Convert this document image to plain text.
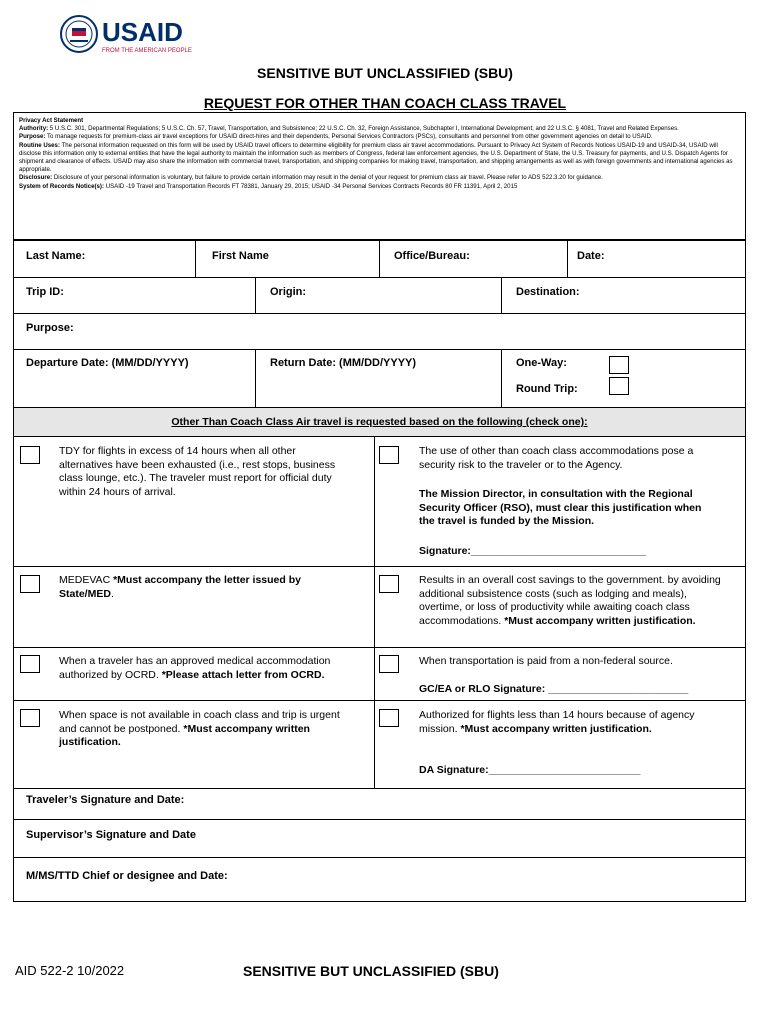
USAID
FROM THE AMERICAN PEOPLE
SENSITIVE BUT UNCLASSIFIED (SBU)
REQUEST FOR OTHER THAN COACH CLASS TRAVEL

Privacy Act Statement

Authority: 5 U.S.C. 301, Departmental Regulations; 5 U.S.C. Ch. 57, Travel, Transportation, and Subsistence; 22 U.S.C. Ch. 32, Foreign Assistance, Subchapter I, International Development; and 22 U.S.C. § 4081, Travel and Related Expenses.

Purpose: To manage requests for premium-class air travel exceptions for USAID direct-hires and their dependents, Personal Services Contractors (PSCs), consultants and personnel from other government agencies on detail to USAID.

Routine Uses: The personal information requested on this form will be used by USAID travel officers to determine eligibility for premium class air travel accommodations. Pursuant to Privacy Act System of Records Notices USAID-19 and USAID-34, USAID will disclose this information only to external entities that have the legal authority to maintain the information such as members of Congress, federal law enforcement agencies, the U.S. Department of State, the U.S. Treasury for payments, and U.S. Dispatch Agents for shipment and clearance of effects. USAID may also share the information with commercial travel, transportation, and shipping companies for making travel, transportation, and shipping arrangements as well as with foreign governments and international agencies as appropriate.

Disclosure: Disclosure of your personal information is voluntary, but failure to provide certain information may result in the denial of your request for premium class air travel. Please refer to ADS 522.3.20 for guidance.

System of Records Notice(s): USAID -19 Travel and Transportation Records FT 78381, January 29, 2015; USAID -34 Personal Services Contracts Records 80 FR 11391, April 2, 2015

Last Name:	First Name	Office/Bureau:	Date:
Trip ID:	Origin:	Destination:
Purpose:
Departure Date: (MM/DD/YYYY)	Return Date: (MM/DD/YYYY)	One-Way:
Round Trip:
Other Than Coach Class Air travel is requested based on the following (check one):
TDY for flights in excess of 14 hours when all other alternatives have been exhausted (i.e., rest stops, business class lounge, etc.). The traveler must report for official duty within 24 hours of arrival.
The use of other than coach class accommodations pose a security risk to the traveler or to the Agency.
The Mission Director, in consultation with the Regional Security Officer (RSO), must clear this justification when the travel is funded by the Mission.
Signature:______________________________
MEDEVAC *Must accompany the letter issued by State/MED.
Results in an overall cost savings to the government. by avoiding additional subsistence costs (such as lodging and meals), overtime, or loss of productivity while awaiting coach class accommodations. *Must accompany written justification.
When a traveler has an approved medical accommodation authorized by OCRD. *Please attach letter from OCRD.
When transportation is paid from a non-federal source.
GC/EA or RLO Signature: ________________________
When space is not available in coach class and trip is urgent and cannot be postponed. *Must accompany written justification.
Authorized for flights less than 14 hours because of agency mission. *Must accompany written justification.
DA Signature:__________________________
Traveler’s Signature and Date:
Supervisor’s Signature and Date
M/MS/TTD Chief or designee and Date:
AID 522-2 10/2022	SENSITIVE BUT UNCLASSIFIED (SBU)
